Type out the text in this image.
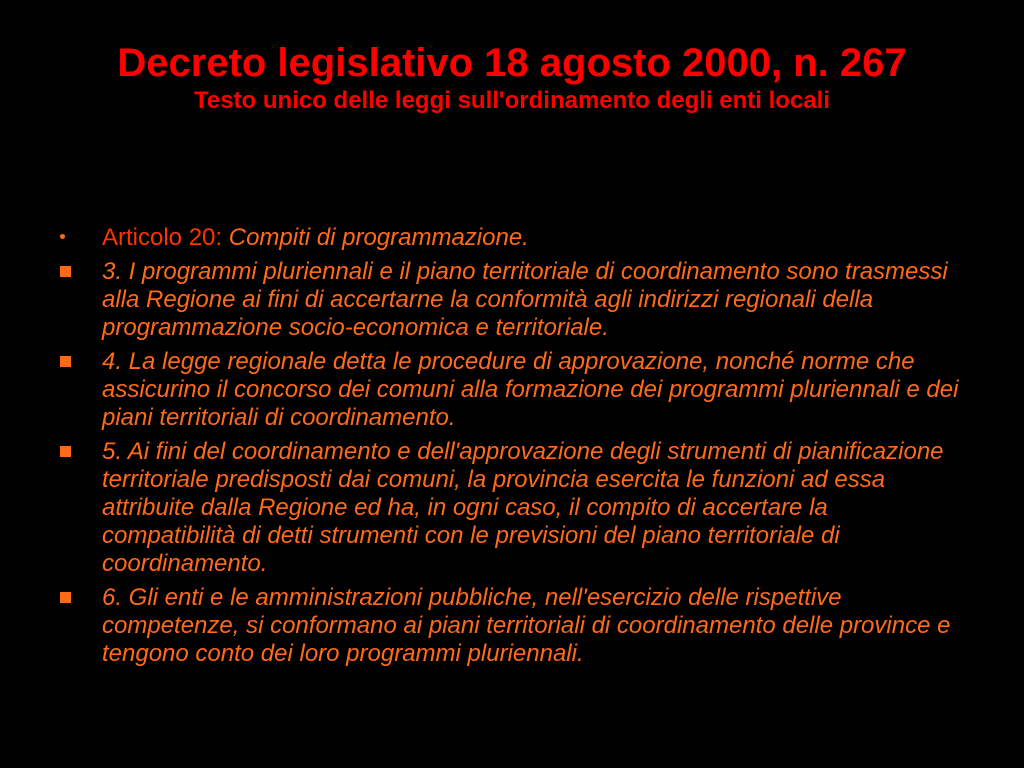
Decreto legislativo 18 agosto 2000, n. 267
Testo unico delle leggi sull'ordinamento degli enti locali
Articolo 20: Compiti di programmazione.
3. I programmi pluriennali e il piano territoriale di coordinamento sono trasmessi alla Regione ai fini di accertarne la conformità agli indirizzi regionali della programmazione socio-economica e territoriale.
4. La legge regionale detta le procedure di approvazione, nonché norme che assicurino il concorso dei comuni alla formazione dei programmi pluriennali e dei piani territoriali di coordinamento.
5. Ai fini del coordinamento e dell'approvazione degli strumenti di pianificazione territoriale predisposti dai comuni, la provincia esercita le funzioni ad essa attribuite dalla Regione ed ha, in ogni caso, il compito di accertare la compatibilità di detti strumenti con le previsioni del piano territoriale di coordinamento.
6. Gli enti e le amministrazioni pubbliche, nell'esercizio delle rispettive competenze, si conformano ai piani territoriali di coordinamento delle province e tengono conto dei loro programmi pluriennali.
